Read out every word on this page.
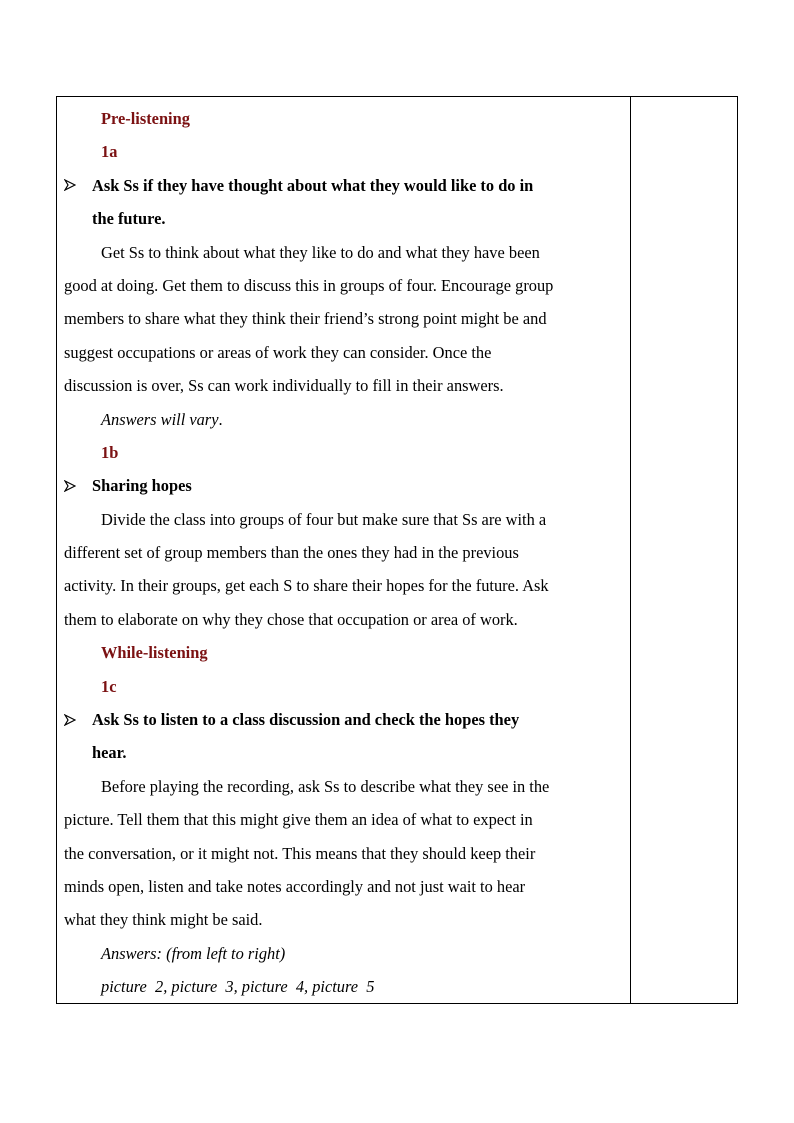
Pre-listening
1a
Ask Ss if they have thought about what they would like to do in
the future.
Get Ss to think about what they like to do and what they have been
good at doing. Get them to discuss this in groups of four. Encourage group
members to share what they think their friend’s strong point might be and
suggest occupations or areas of work they can consider. Once the
discussion is over, Ss can work individually to fill in their answers.
Answers will vary.
1b
Sharing hopes
Divide the class into groups of four but make sure that Ss are with a
different set of group members than the ones they had in the previous
activity. In their groups, get each S to share their hopes for the future. Ask
them to elaborate on why they chose that occupation or area of work.
While-listening
1c
Ask Ss to listen to a class discussion and check the hopes they
hear.
Before playing the recording, ask Ss to describe what they see in the
picture. Tell them that this might give them an idea of what to expect in
the conversation, or it might not. This means that they should keep their
minds open, listen and take notes accordingly and not just wait to hear
what they think might be said.
Answers: (from left to right)
picture  2, picture  3, picture  4, picture  5
